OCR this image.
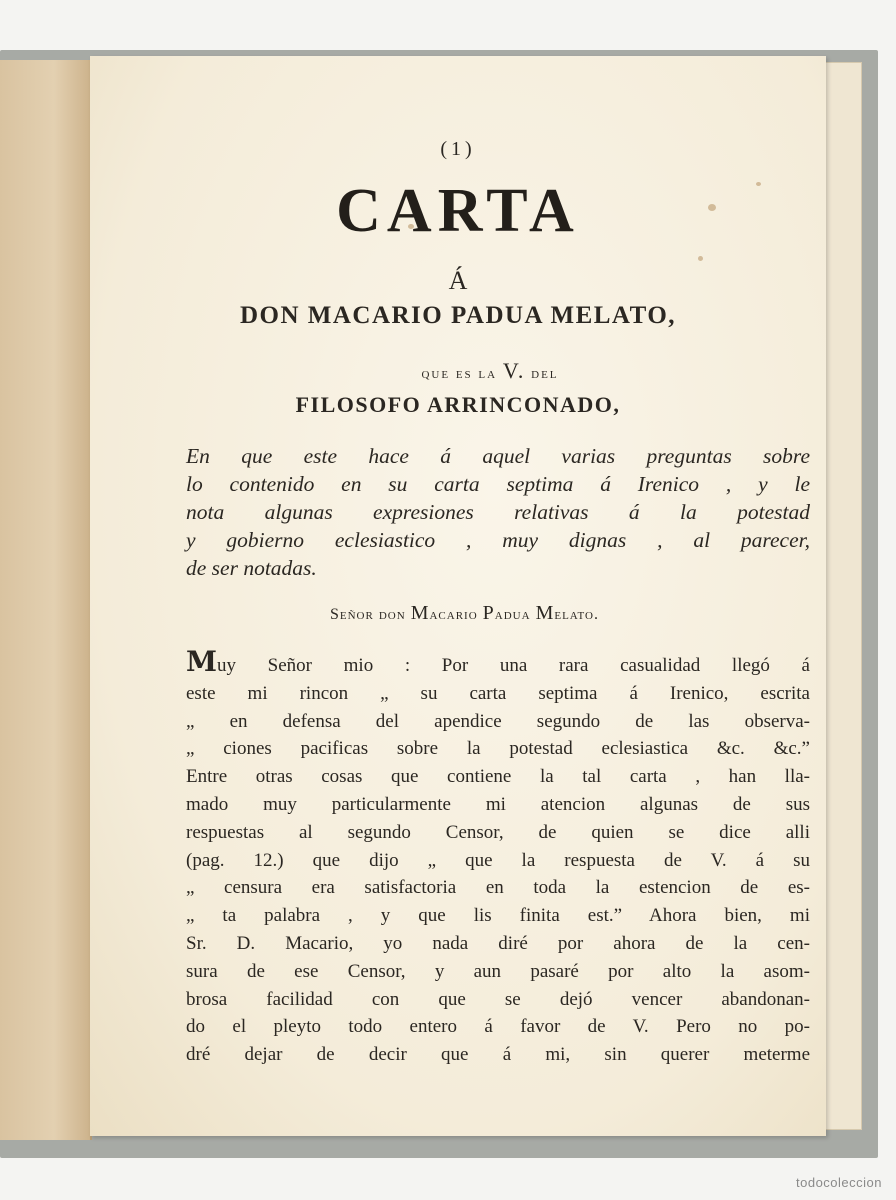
(1)
CARTA
Á
DON MACARIO PADUA MELATO,
que es la V. del
FILOSOFO ARRINCONADO,
En que este hace á aquel varias preguntas sobre
lo contenido en su carta septima á Irenico , y le
nota algunas expresiones relativas á la potestad
y gobierno eclesiastico , muy dignas , al parecer,
de ser notadas.
Señor don Macario Padua Melato.
Muy Señor mio : Por una rara casualidad llegó á
este mi rincon „ su carta septima á Irenico, escrita
„ en defensa del apendice segundo de las observa-
„ ciones pacificas sobre la potestad eclesiastica &c. &c.”
Entre otras cosas que contiene la tal carta , han lla-
mado muy particularmente mi atencion algunas de sus
respuestas al segundo Censor, de quien se dice alli
(pag. 12.) que dijo „ que la respuesta de V. á su
„ censura era satisfactoria en toda la estencion de es-
„ ta palabra , y que lis finita est.” Ahora bien, mi
Sr. D. Macario, yo nada diré por ahora de la cen-
sura de ese Censor, y aun pasaré por alto la asom-
brosa facilidad con que se dejó vencer abandonan-
do el pleyto todo entero á favor de V. Pero no po-
dré dejar de decir que á mi, sin querer meterme
todocoleccion
